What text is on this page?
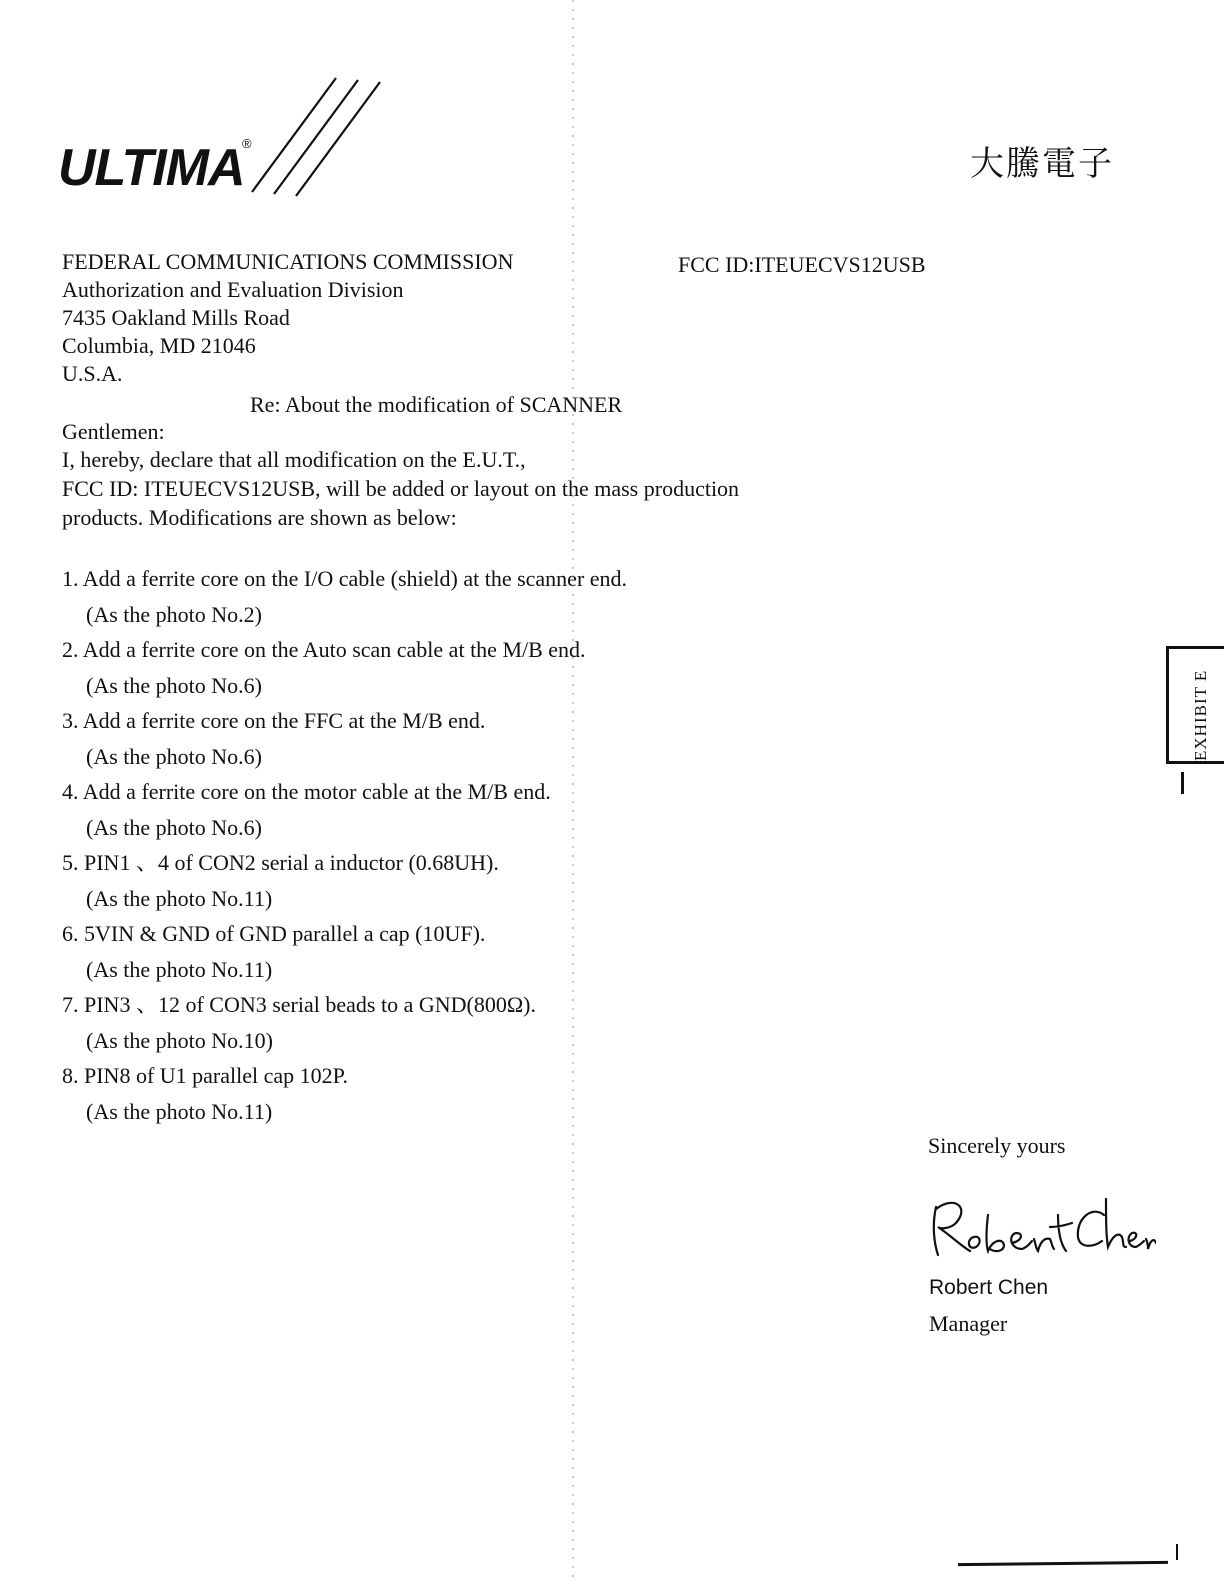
ULTIMA
®
大騰電子
FEDERAL COMMUNICATIONS COMMISSION
Authorization and Evaluation Division
7435 Oakland Mills Road
Columbia, MD 21046
U.S.A.
FCC ID:ITEUECVS12USB
Re: About the modification of SCANNER
Gentlemen:
I, hereby, declare that all modification on the E.U.T.,
FCC ID: ITEUECVS12USB, will be added or layout on the mass production
products. Modifications are shown as below:
1. Add a ferrite core on the I/O cable (shield) at the scanner end.
(As the photo No.2)
2. Add a ferrite core on the Auto scan cable at the M/B end.
(As the photo No.6)
3. Add a ferrite core on the FFC at the M/B end.
(As the photo No.6)
4. Add a ferrite core on the motor cable at the M/B end.
(As the photo No.6)
5. PIN1 、4 of CON2 serial a inductor (0.68UH).
(As the photo No.11)
6. 5VIN & GND of GND parallel a cap (10UF).
(As the photo No.11)
7. PIN3 、12 of CON3 serial beads to a GND(800Ω).
(As the photo No.10)
8. PIN8 of U1 parallel cap 102P.
(As the photo No.11)
Sincerely yours
Robert Chen
Manager
EXHIBIT E
